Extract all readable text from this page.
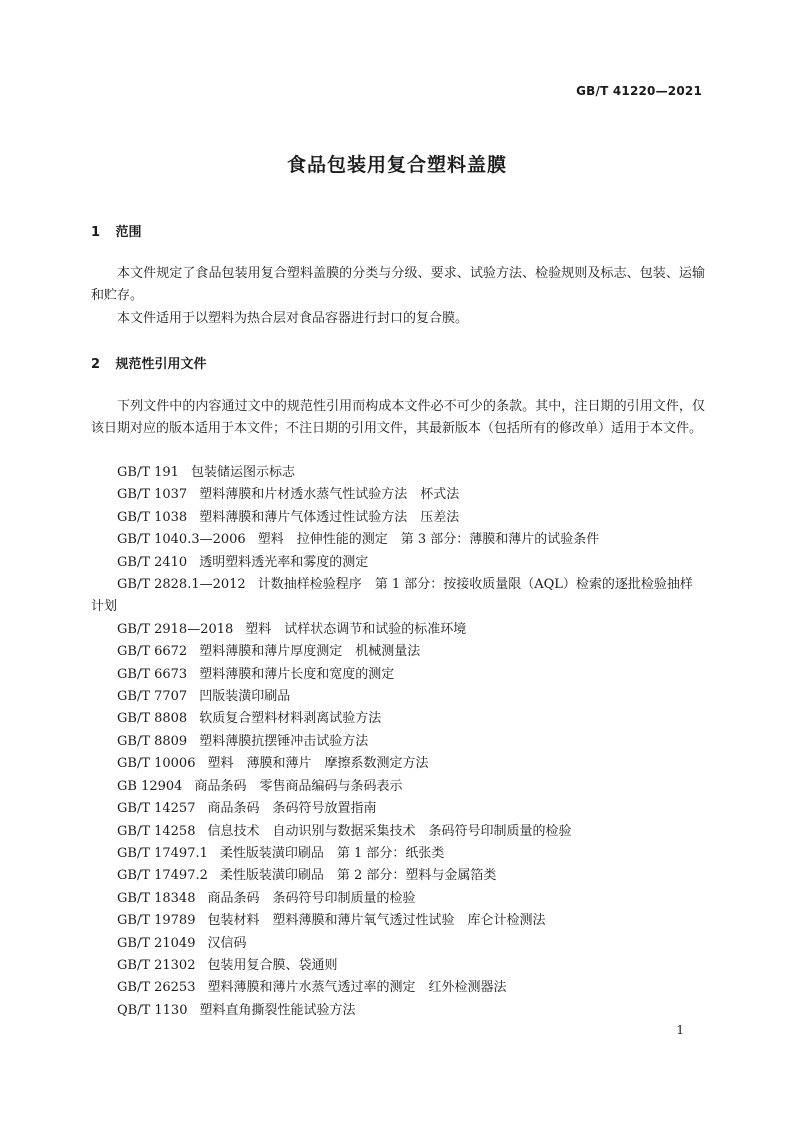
GB/T 41220—2021
食品包装用复合塑料盖膜
1 范围
本文件规定了食品包装用复合塑料盖膜的分类与分级、要求、试验方法、检验规则及标志、包装、运输和贮存。
本文件适用于以塑料为热合层对食品容器进行封口的复合膜。
2 规范性引用文件
下列文件中的内容通过文中的规范性引用而构成本文件必不可少的条款。其中，注日期的引用文件，仅该日期对应的版本适用于本文件；不注日期的引用文件，其最新版本（包括所有的修改单）适用于本文件。
GB/T 191 包装储运图示标志
GB/T 1037 塑料薄膜和片材透水蒸气性试验方法　杯式法
GB/T 1038 塑料薄膜和薄片气体透过性试验方法　压差法
GB/T 1040.3—2006 塑料　拉伸性能的测定　第 3 部分：薄膜和薄片的试验条件
GB/T 2410 透明塑料透光率和雾度的测定
GB/T 2828.1—2012 计数抽样检验程序　第 1 部分：按接收质量限（AQL）检索的逐批检验抽样计划
GB/T 2918—2018 塑料　试样状态调节和试验的标准环境
GB/T 6672 塑料薄膜和薄片厚度测定　机械测量法
GB/T 6673 塑料薄膜和薄片长度和宽度的测定
GB/T 7707 凹版装潢印刷品
GB/T 8808 软质复合塑料材料剥离试验方法
GB/T 8809 塑料薄膜抗摆锤冲击试验方法
GB/T 10006 塑料　薄膜和薄片　摩擦系数测定方法
GB 12904 商品条码　零售商品编码与条码表示
GB/T 14257 商品条码　条码符号放置指南
GB/T 14258 信息技术　自动识别与数据采集技术　条码符号印制质量的检验
GB/T 17497.1 柔性版装潢印刷品　第 1 部分：纸张类
GB/T 17497.2 柔性版装潢印刷品　第 2 部分：塑料与金属箔类
GB/T 18348 商品条码　条码符号印制质量的检验
GB/T 19789 包装材料　塑料薄膜和薄片氧气透过性试验　库仑计检测法
GB/T 21049 汉信码
GB/T 21302 包装用复合膜、袋通则
GB/T 26253 塑料薄膜和薄片水蒸气透过率的测定　红外检测器法
QB/T 1130 塑料直角撕裂性能试验方法
1
